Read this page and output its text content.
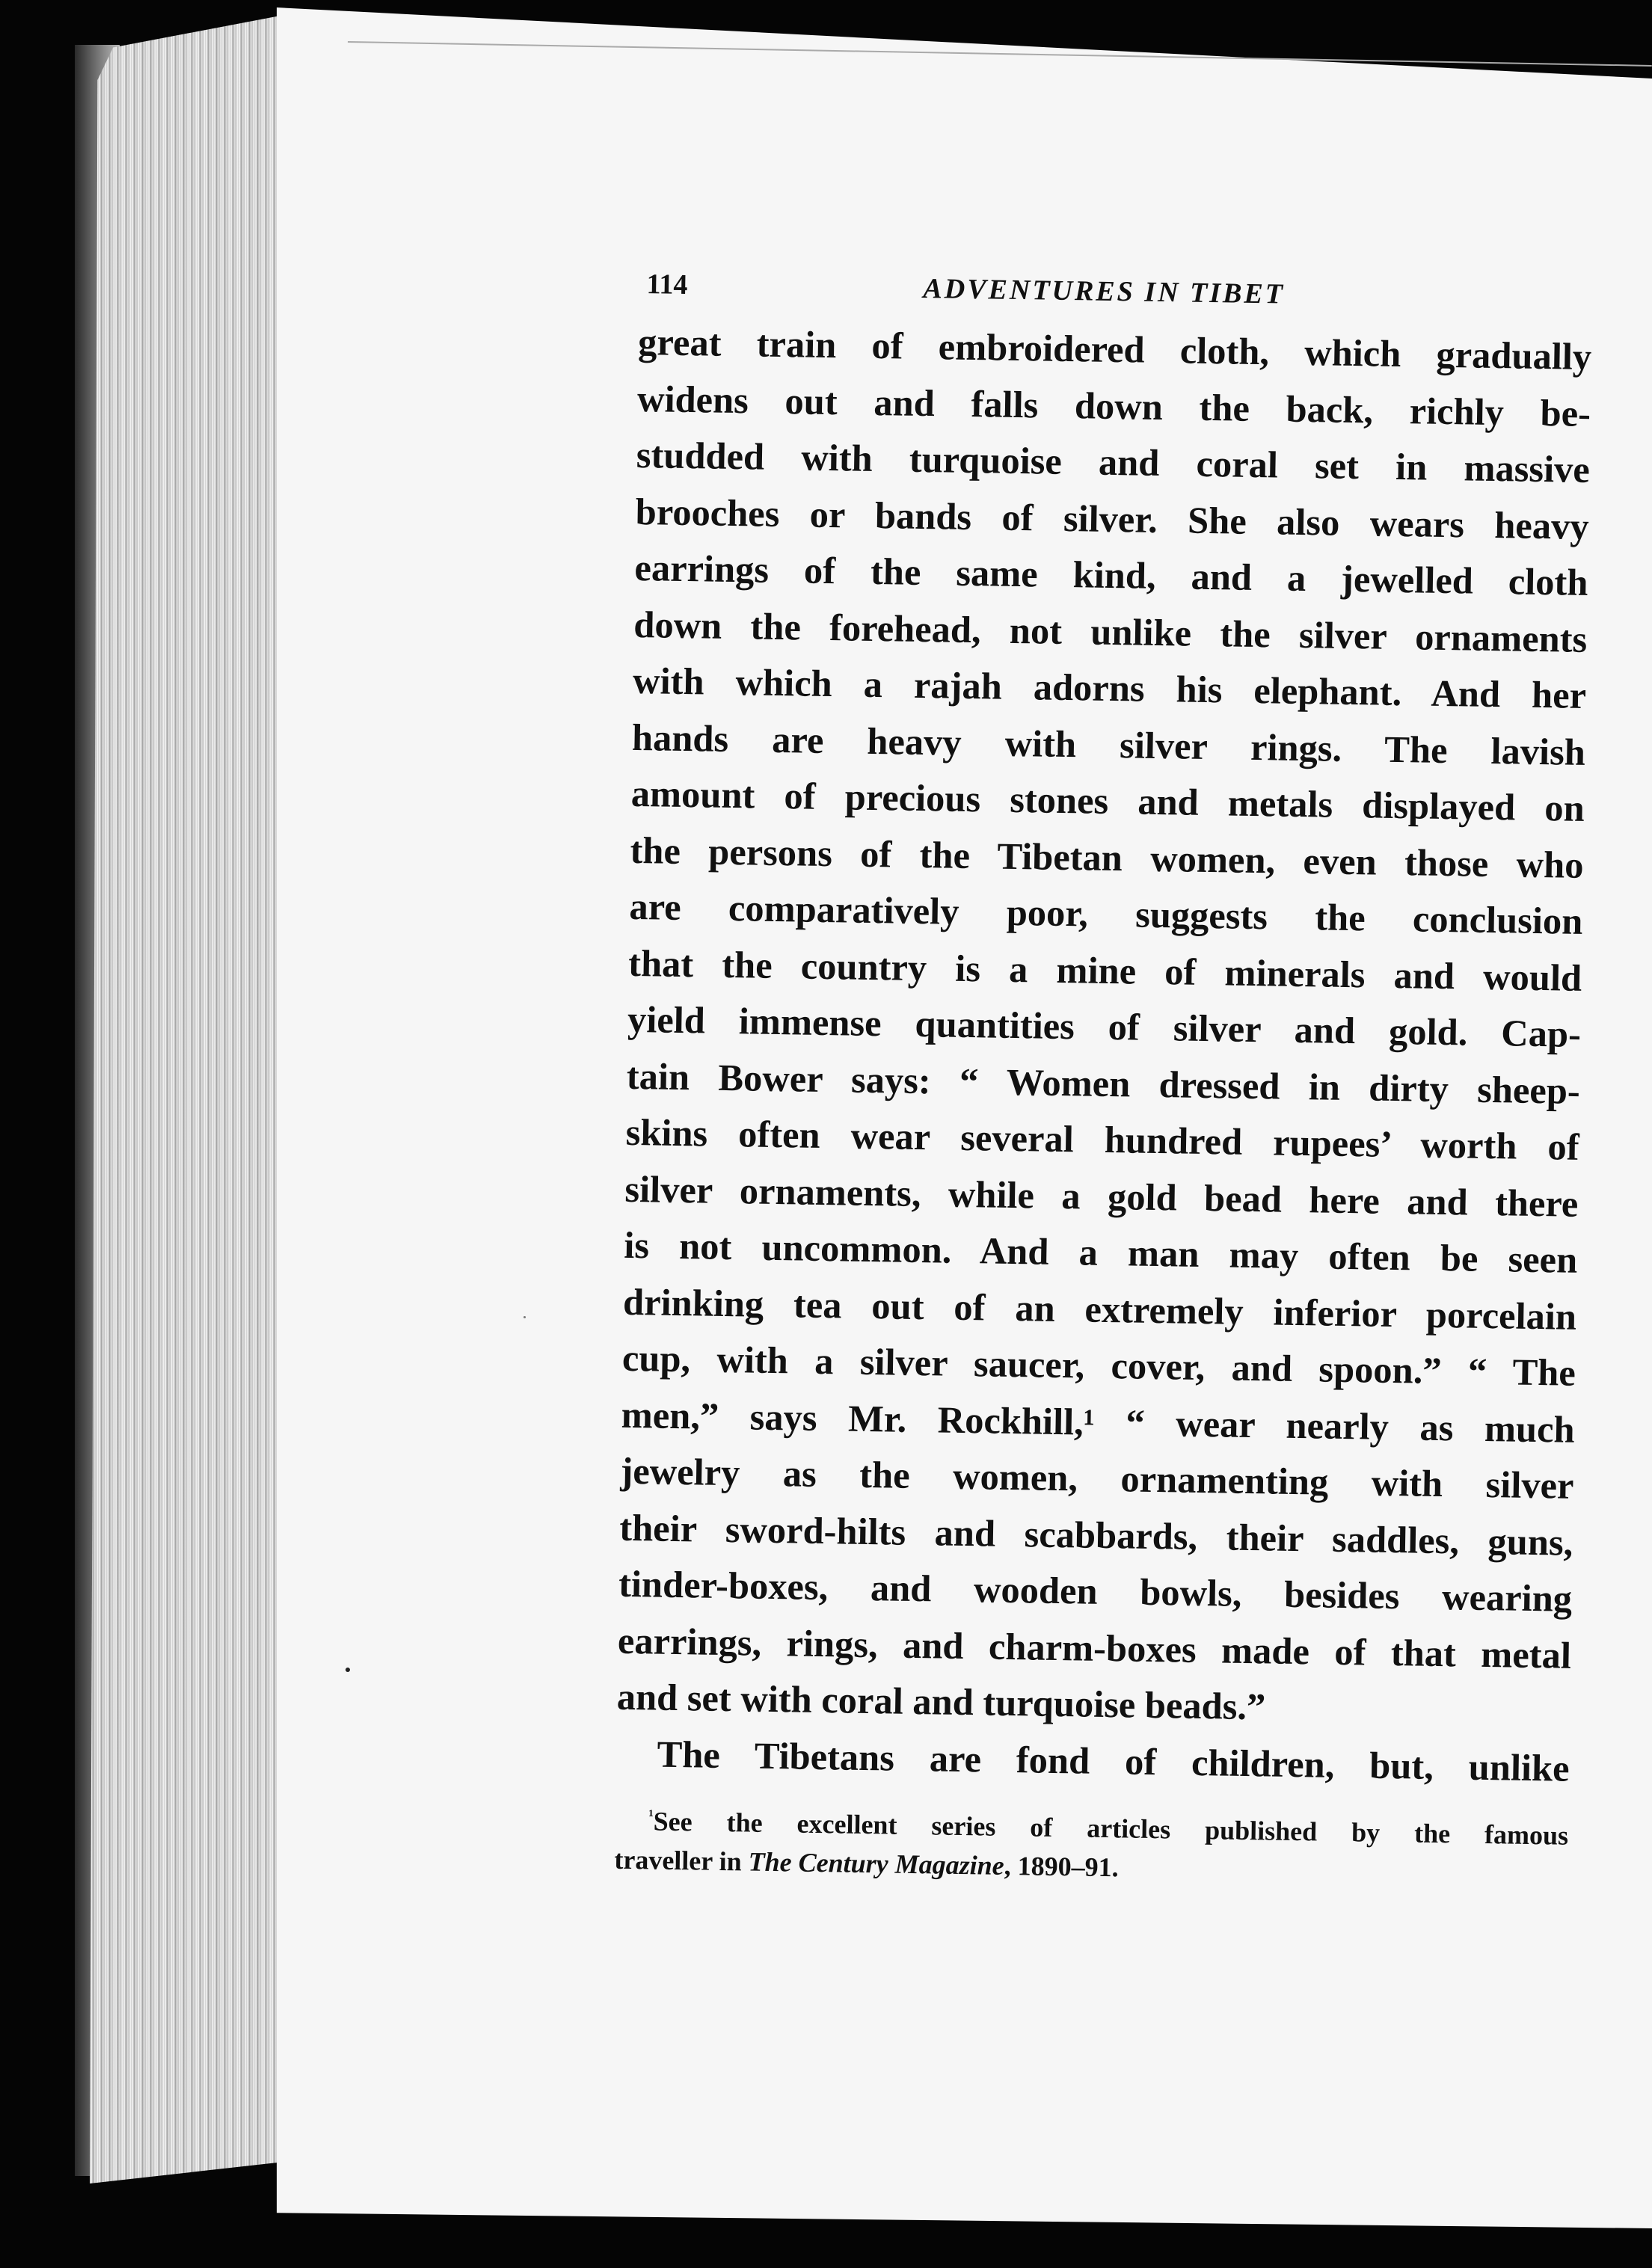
114	ADVENTURES IN TIBET
great train of embroidered cloth, which gradually
widens out and falls down the back, richly be-
studded with turquoise and coral set in massive
brooches or bands of silver. She also wears heavy
earrings of the same kind, and a jewelled cloth
down the forehead, not unlike the silver ornaments
with which a rajah adorns his elephant. And her
hands are heavy with silver rings. The lavish
amount of precious stones and metals displayed on
the persons of the Tibetan women, even those who
are comparatively poor, suggests the conclusion
that the country is a mine of minerals and would
yield immense quantities of silver and gold. Cap-
tain Bower says: “ Women dressed in dirty sheep-
skins often wear several hundred rupees’ worth of
silver ornaments, while a gold bead here and there
is not uncommon. And a man may often be seen
drinking tea out of an extremely inferior porcelain
cup, with a silver saucer, cover, and spoon.” “ The
men,” says Mr. Rockhill,¹ “ wear nearly as much
jewelry as the women, ornamenting with silver
their sword-hilts and scabbards, their saddles, guns,
tinder-boxes, and wooden bowls, besides wearing
earrings, rings, and charm-boxes made of that metal
and set with coral and turquoise beads.”
The Tibetans are fond of children, but, unlike
$^{^1}$See the excellent series of articles published by the famous
traveller in The Century Magazine, 1890–91.
